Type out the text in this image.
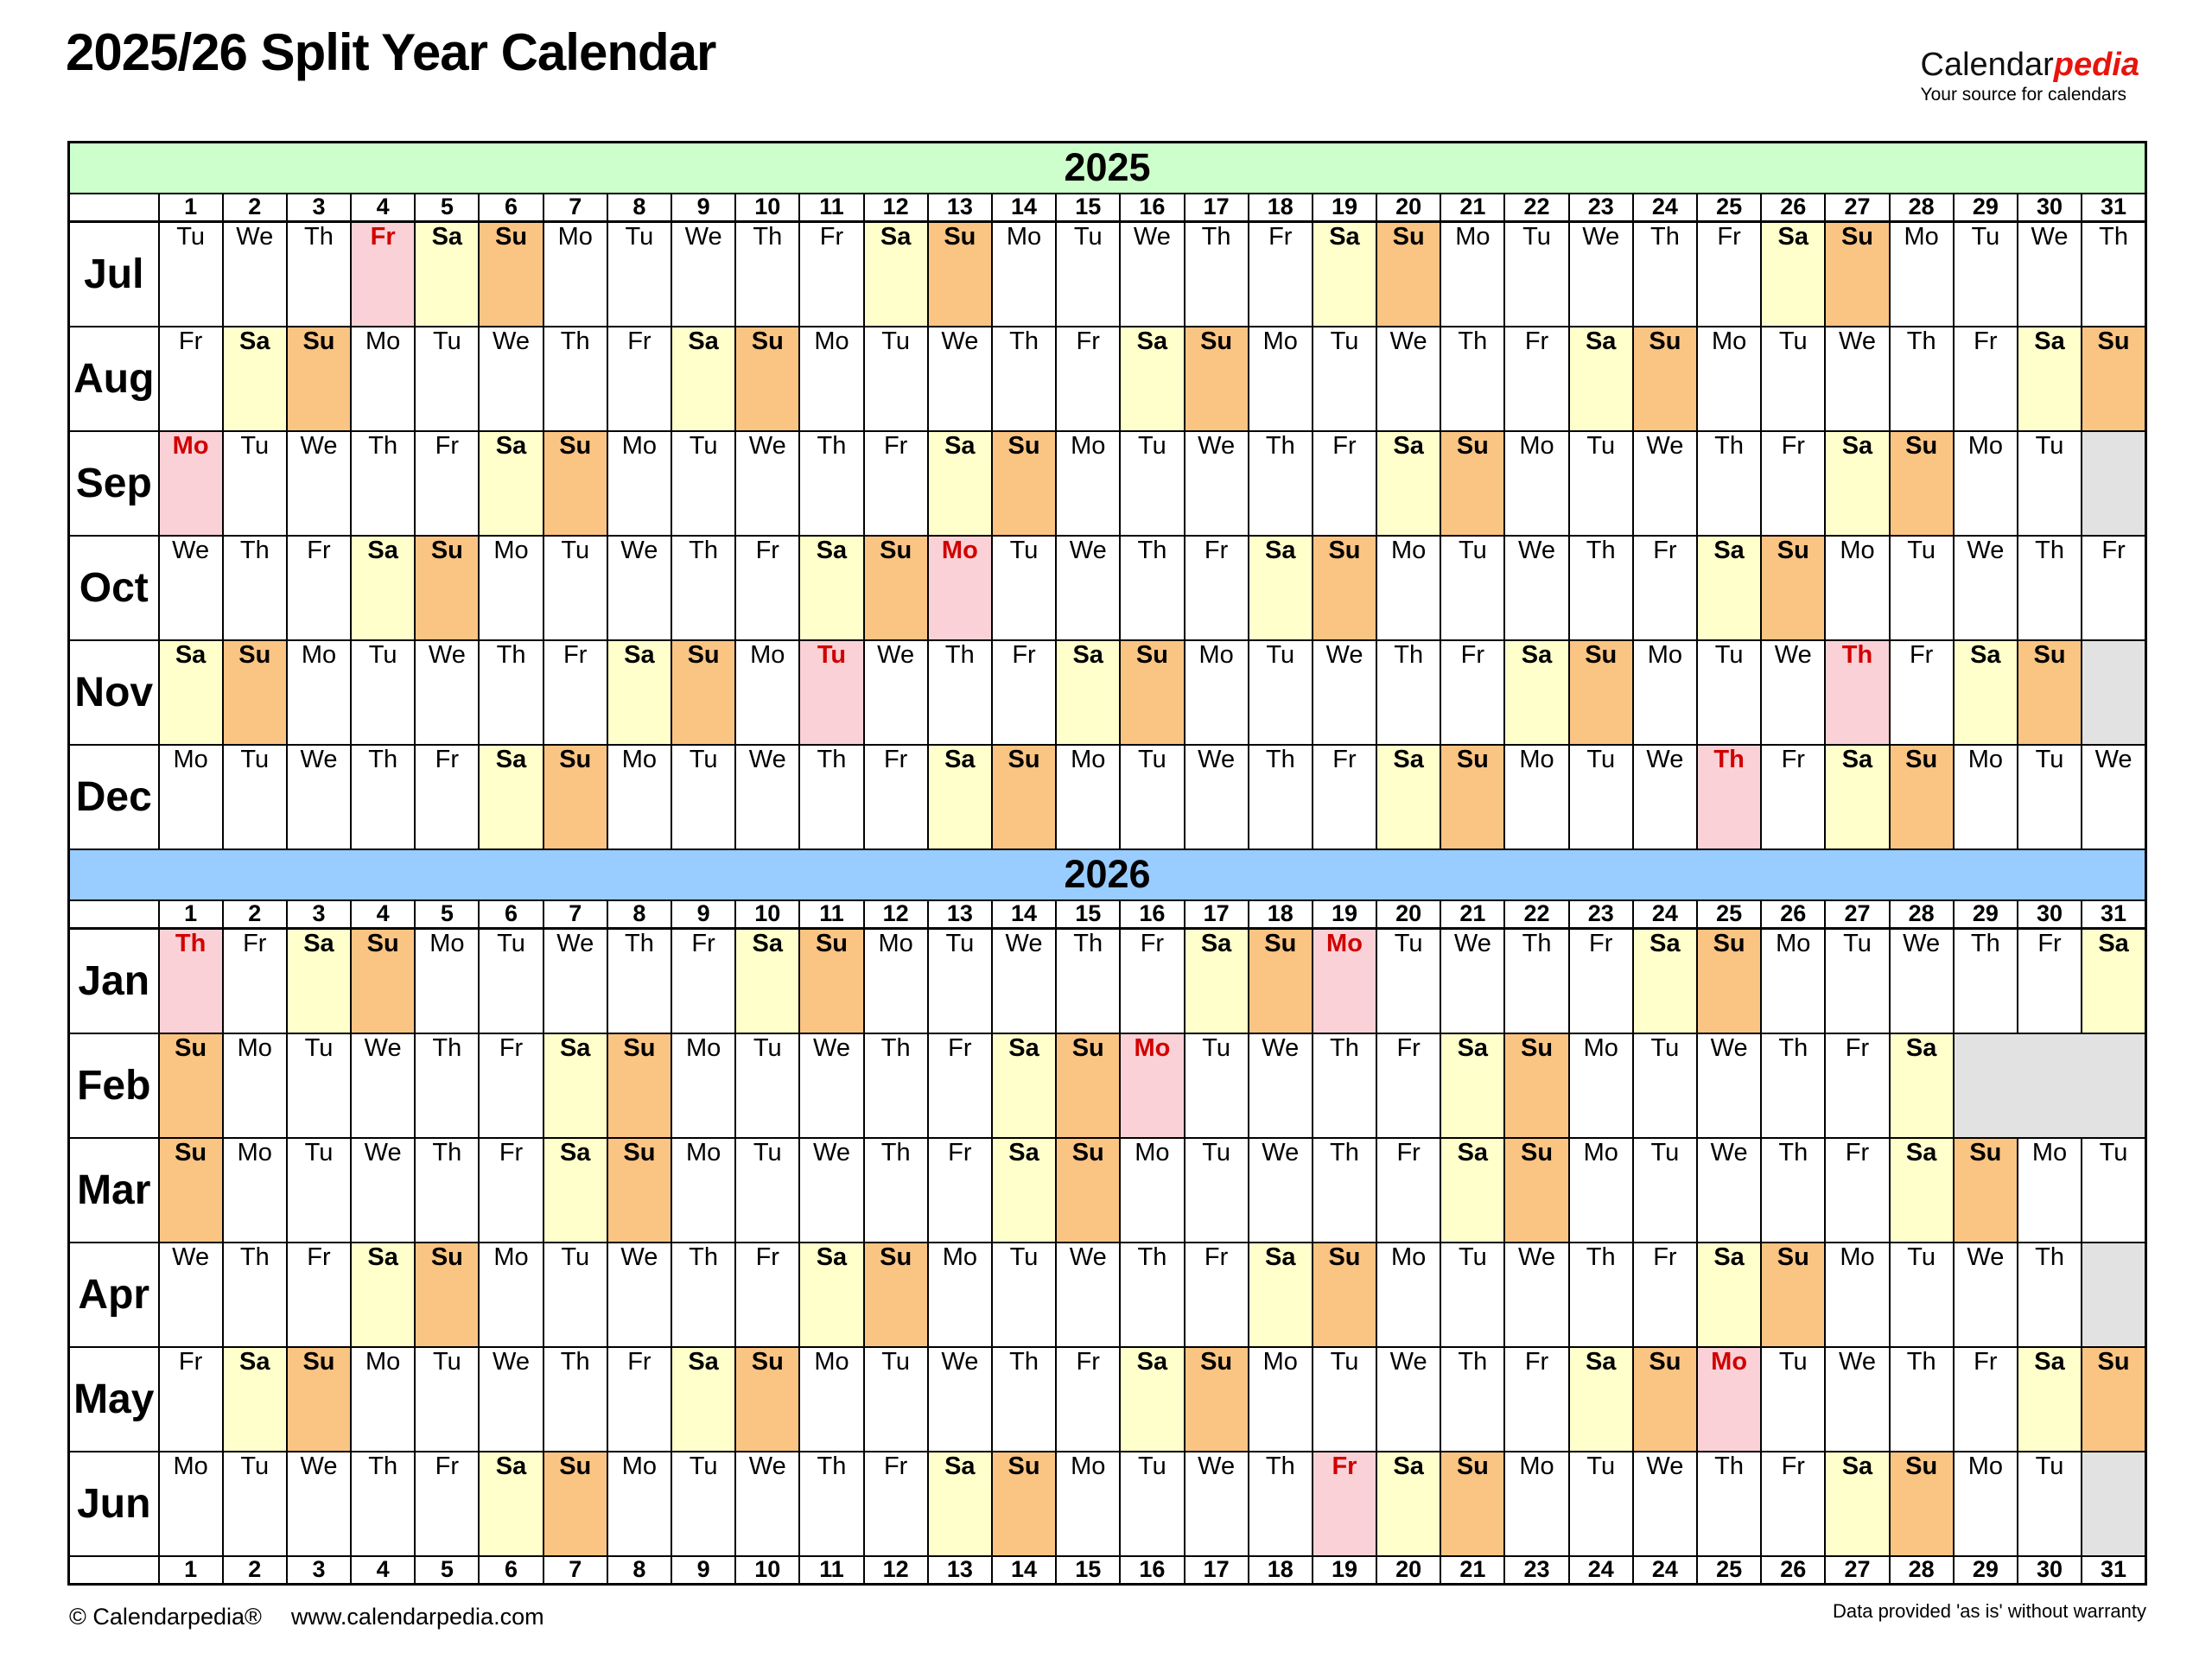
2025/26 Split Year Calendar	Calendarpedia
Your source for calendars
2025																															
	1	2	3	4	5	6	7	8	9	10	11	12	13	14	15	16	17	18	19	20	21	22	23	24	25	26	27	28	29	30	31
Jul	Tu	We	Th	Fr	Sa	Su	Mo	Tu	We	Th	Fr	Sa	Su	Mo	Tu	We	Th	Fr	Sa	Su	Mo	Tu	We	Th	Fr	Sa	Su	Mo	Tu	We	Th
Aug	Fr	Sa	Su	Mo	Tu	We	Th	Fr	Sa	Su	Mo	Tu	We	Th	Fr	Sa	Su	Mo	Tu	We	Th	Fr	Sa	Su	Mo	Tu	We	Th	Fr	Sa	Su
Sep	Mo	Tu	We	Th	Fr	Sa	Su	Mo	Tu	We	Th	Fr	Sa	Su	Mo	Tu	We	Th	Fr	Sa	Su	Mo	Tu	We	Th	Fr	Sa	Su	Mo	Tu	
Oct	We	Th	Fr	Sa	Su	Mo	Tu	We	Th	Fr	Sa	Su	Mo	Tu	We	Th	Fr	Sa	Su	Mo	Tu	We	Th	Fr	Sa	Su	Mo	Tu	We	Th	Fr
Nov	Sa	Su	Mo	Tu	We	Th	Fr	Sa	Su	Mo	Tu	We	Th	Fr	Sa	Su	Mo	Tu	We	Th	Fr	Sa	Su	Mo	Tu	We	Th	Fr	Sa	Su	
Dec	Mo	Tu	We	Th	Fr	Sa	Su	Mo	Tu	We	Th	Fr	Sa	Su	Mo	Tu	We	Th	Fr	Sa	Su	Mo	Tu	We	Th	Fr	Sa	Su	Mo	Tu	We
2026																															
	1	2	3	4	5	6	7	8	9	10	11	12	13	14	15	16	17	18	19	20	21	22	23	24	25	26	27	28	29	30	31
Jan	Th	Fr	Sa	Su	Mo	Tu	We	Th	Fr	Sa	Su	Mo	Tu	We	Th	Fr	Sa	Su	Mo	Tu	We	Th	Fr	Sa	Su	Mo	Tu	We	Th	Fr	Sa
Feb	Su	Mo	Tu	We	Th	Fr	Sa	Su	Mo	Tu	We	Th	Fr	Sa	Su	Mo	Tu	We	Th	Fr	Sa	Su	Mo	Tu	We	Th	Fr	Sa			
Mar	Su	Mo	Tu	We	Th	Fr	Sa	Su	Mo	Tu	We	Th	Fr	Sa	Su	Mo	Tu	We	Th	Fr	Sa	Su	Mo	Tu	We	Th	Fr	Sa	Su	Mo	Tu
Apr	We	Th	Fr	Sa	Su	Mo	Tu	We	Th	Fr	Sa	Su	Mo	Tu	We	Th	Fr	Sa	Su	Mo	Tu	We	Th	Fr	Sa	Su	Mo	Tu	We	Th	
May	Fr	Sa	Su	Mo	Tu	We	Th	Fr	Sa	Su	Mo	Tu	We	Th	Fr	Sa	Su	Mo	Tu	We	Th	Fr	Sa	Su	Mo	Tu	We	Th	Fr	Sa	Su
Jun	Mo	Tu	We	Th	Fr	Sa	Su	Mo	Tu	We	Th	Fr	Sa	Su	Mo	Tu	We	Th	Fr	Sa	Su	Mo	Tu	We	Th	Fr	Sa	Su	Mo	Tu	
	1	2	3	4	5	6	7	8	9	10	11	12	13	14	15	16	17	18	19	20	21	23	24	24	25	26	27	28	29	30	31
© Calendarpedia® www.calendarpedia.com	Data provided 'as is' without warranty
